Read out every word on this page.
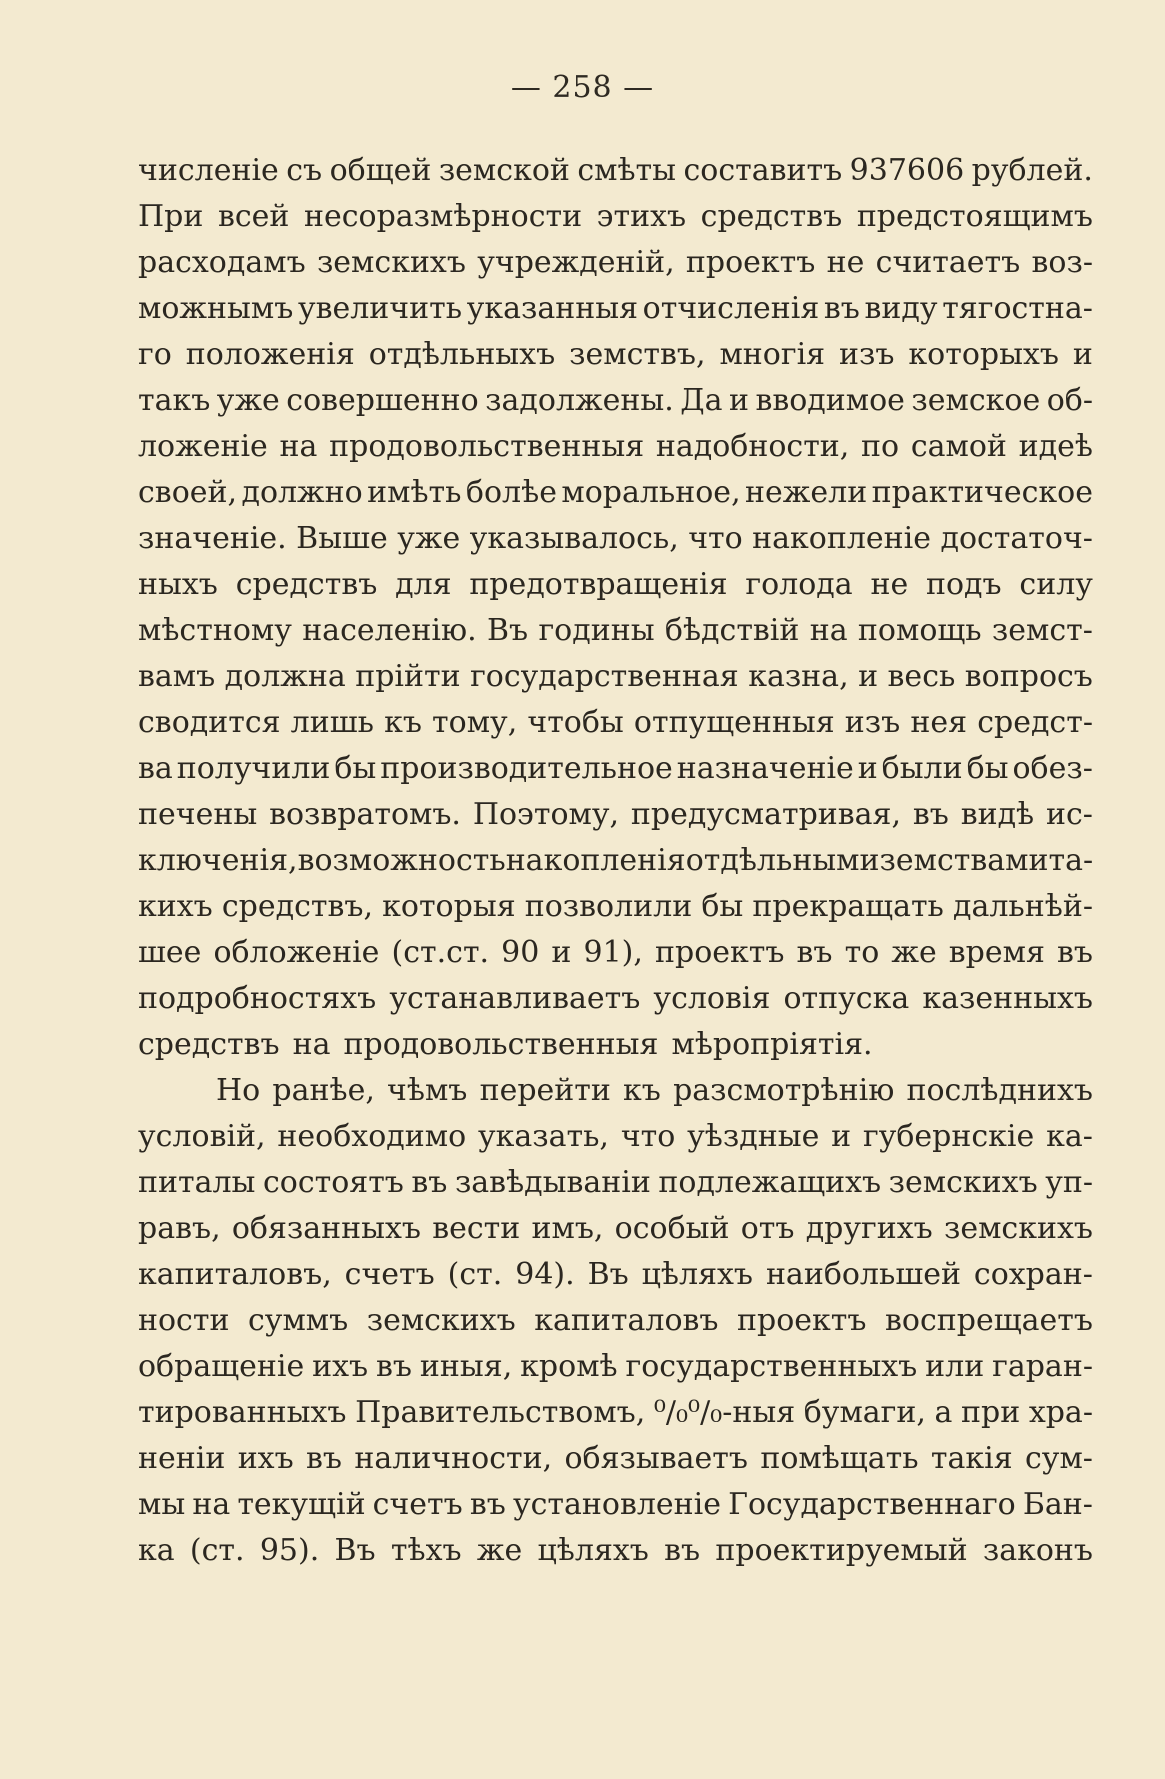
— 258 —
численіе съ общей земской смѣты составитъ 937606 рублей.
При всей несоразмѣрности этихъ средствъ предстоящимъ
расходамъ земскихъ учрежденій, проектъ не считаетъ воз-
можнымъ увеличить указанныя отчисленія въ виду тягостна-
го положенія отдѣльныхъ земствъ, многія изъ которыхъ и
такъ уже совершенно задолжены. Да и вводимое земское об-
ложеніе на продовольственныя надобности, по самой идеѣ
своей, должно имѣть болѣе моральное, нежели практическое
значеніе. Выше уже указывалось, что накопленіе достаточ-
ныхъ средствъ для предотвращенія голода не подъ силу
мѣстному населенію. Въ годины бѣдствій на помощь земст-
вамъ должна прійти государственная казна, и весь вопросъ
сводится лишь къ тому, чтобы отпущенныя изъ нея средст-
ва получили бы производительное назначеніе и были бы обез-
печены возвратомъ. Поэтому, предусматривая, въ видѣ ис-
ключенія, возможность накопленія отдѣльными земствами та-
кихъ средствъ, которыя позволили бы прекращать дальнѣй-
шее обложеніе (ст.ст. 90 и 91), проектъ въ то же время въ
подробностяхъ устанавливаетъ условія отпуска казенныхъ
средствъ на продовольственныя мѣропріятія.
Но ранѣе, чѣмъ перейти къ разсмотрѣнію послѣднихъ
условій, необходимо указать, что уѣздные и губернскіе ка-
питалы состоятъ въ завѣдываніи подлежащихъ земскихъ уп-
равъ, обязанныхъ вести имъ, особый отъ другихъ земскихъ
капиталовъ, счетъ (ст. 94). Въ цѣляхъ наибольшей сохран-
ности суммъ земскихъ капиталовъ проектъ воспрещаетъ
обращеніе ихъ въ иныя, кромѣ государственныхъ или гаран-
тированныхъ Правительствомъ, ⁰/₀⁰/₀-ныя бумаги, а при хра-
неніи ихъ въ наличности, обязываетъ помѣщать такія сум-
мы на текущій счетъ въ установленіе Государственнаго Бан-
ка (ст. 95). Въ тѣхъ же цѣляхъ въ проектируемый законъ
